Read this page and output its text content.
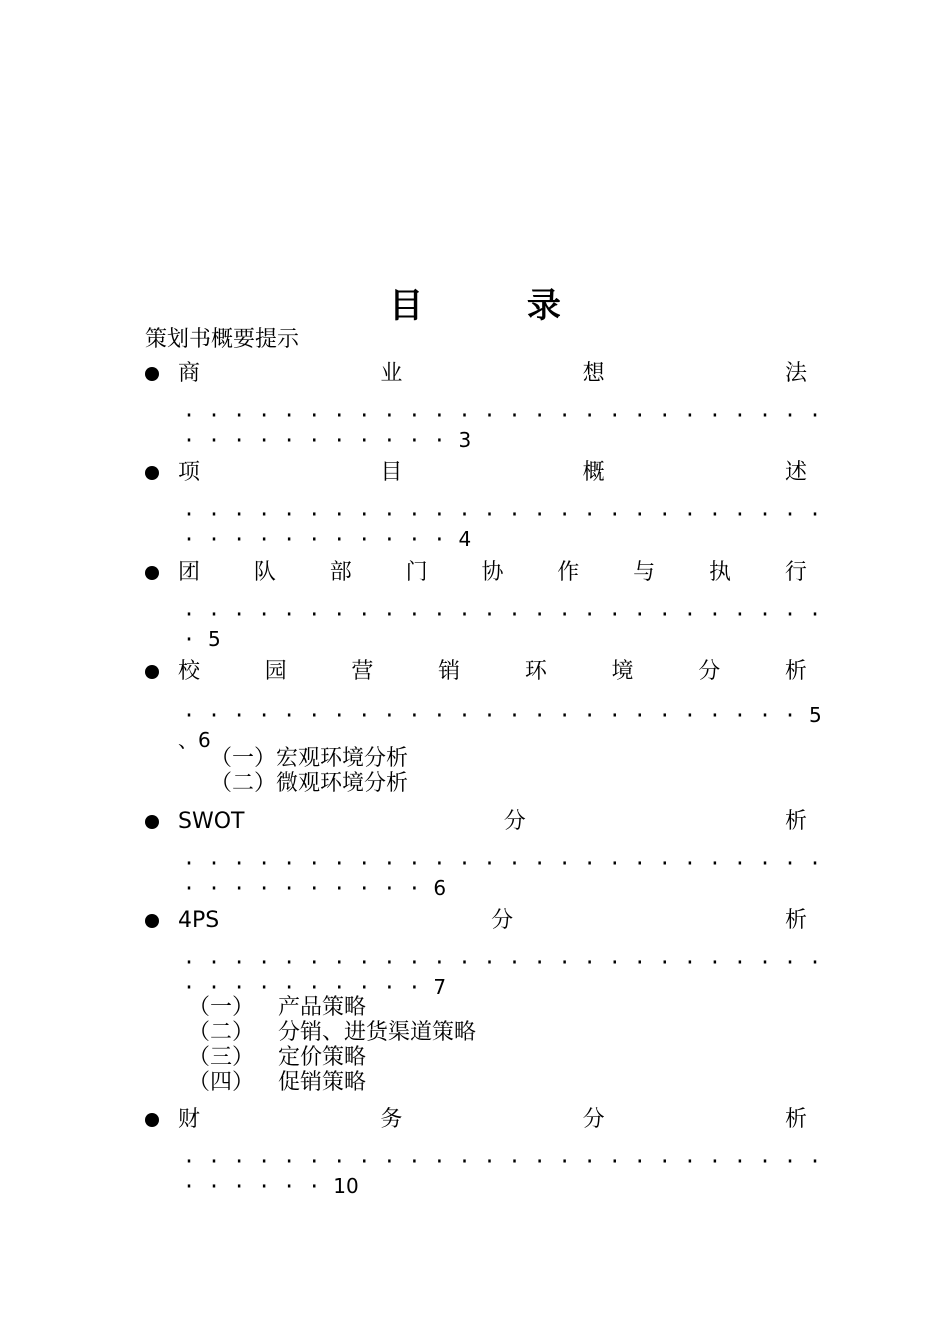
目 录
策划书概要提示
商	业	想	法
··························
···········3
项	目	概	述
··························
···········4
团 队 部 门 协 作 与 执 行
··························
·5
校	园	营	销	环	境	分	析
·························5
、6
（一）宏观环境分析
（二）微观环境分析
SWOT	分	析
··························
··········6
4PS	分	析
··························
··········7
（一） 产品策略
（二） 分销、进货渠道策略
（三） 定价策略
（四） 促销策略
财	务	分	析
··························
······10
